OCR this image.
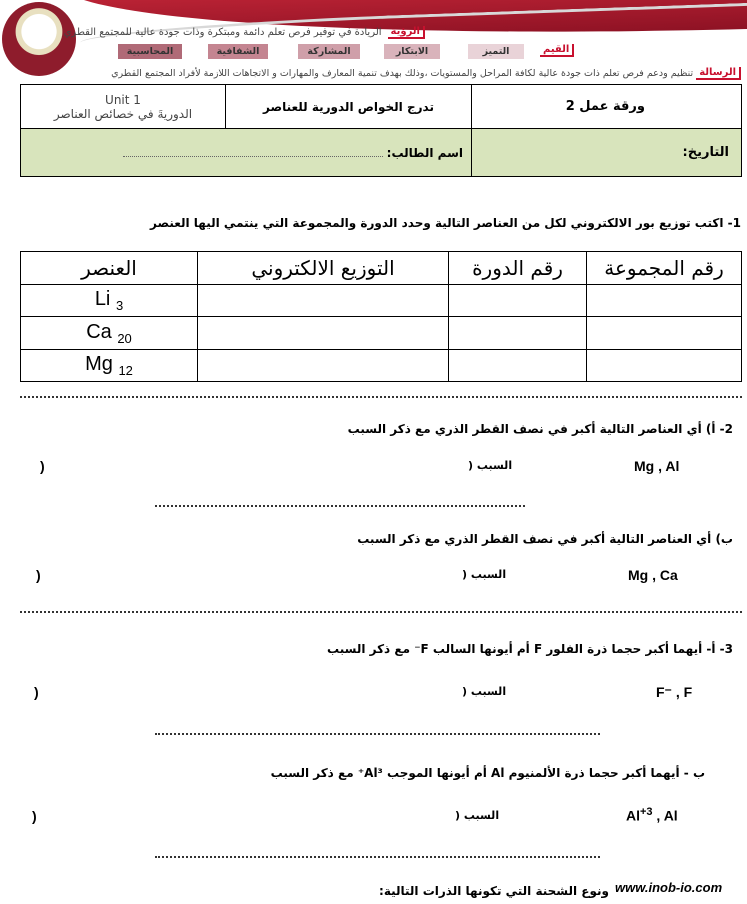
الرؤية
الريادة في توفير فرص تعلم دائمة ومبتكرة وذات جودة عالية للمجتمع القطري
القيم
التميز
الابتكار
المشاركة
الشفافية
المحاسبية
الرسالة
تنظيم ودعم فرص تعلم ذات جودة عالية لكافة المراحل والمستويات ،وذلك بهدف تنمية المعارف والمهارات و الاتجاهات اللازمة لأفراد المجتمع القطري
Unit 1
الدوريةَ في خصائص العناصر	تدرج الخواص الدورية للعناصر	ورقة عمل 2
اسم الطالب:		التاريخ:
1- اكتب توزيع بور الالكتروني لكل من العناصر التالية وحدد الدورة والمجموعة التي ينتمي اليها العنصر
العنصر	التوزيع الالكتروني	رقم الدورة	رقم المجموعة
Li $_3$			
Ca $_{20}$			
Mg $_{12}$			
2- أ) أي العناصر التالية أكبر في نصف القطر الذري مع ذكر السبب
Mg , Al
السبب (
)
ب) أي العناصر التالية أكبر في نصف القطر الذري مع ذكر السبب
Mg , Ca
السبب (
)
3- أ- أيهما أكبر حجما ذرة الفلور F أم أيونها السالب F⁻ مع ذكر السبب
F⁻ , F
السبب (
)
ب - أيهما أكبر حجما ذرة الألمنيوم Al أم أيونها الموجب Al³⁺ مع ذكر السبب
$Al^{+3}$ , Al
السبب (
)
ونوع الشحنة التي تكونها الذرات التالية: www.inob-io.com
